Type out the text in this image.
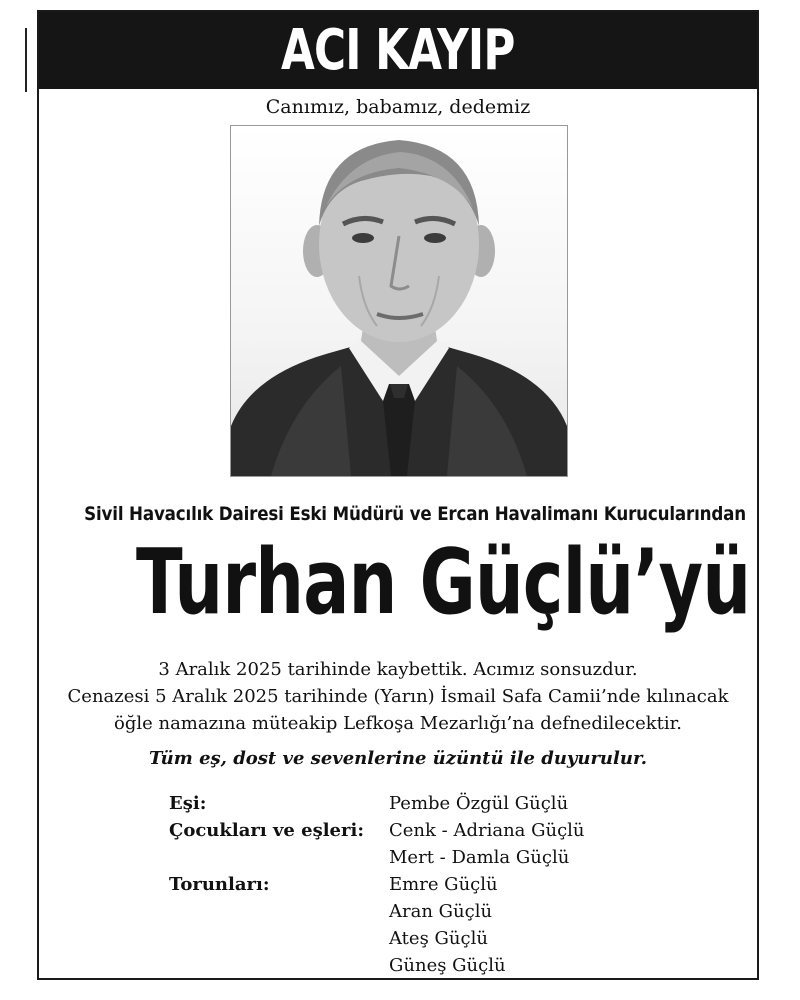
ACI KAYIP
Canımız, babamız, dedemiz
Sivil Havacılık Dairesi Eski Müdürü ve Ercan Havalimanı Kurucularından
Turhan Güçlü’yü
3 Aralık 2025 tarihinde kaybettik. Acımız sonsuzdur.
Cenazesi 5 Aralık 2025 tarihinde (Yarın) İsmail Safa Camii’nde kılınacak
öğle namazına müteakip Lefkoşa Mezarlığı’na defnedilecektir.
Tüm eş, dost ve sevenlerine üzüntü ile duyurulur.
Eşi:	Pembe Özgül Güçlü
Çocukları ve eşleri:	Cenk - Adriana Güçlü
Mert - Damla Güçlü
Torunları:	Emre Güçlü
Aran Güçlü
Ateş Güçlü
Güneş Güçlü
